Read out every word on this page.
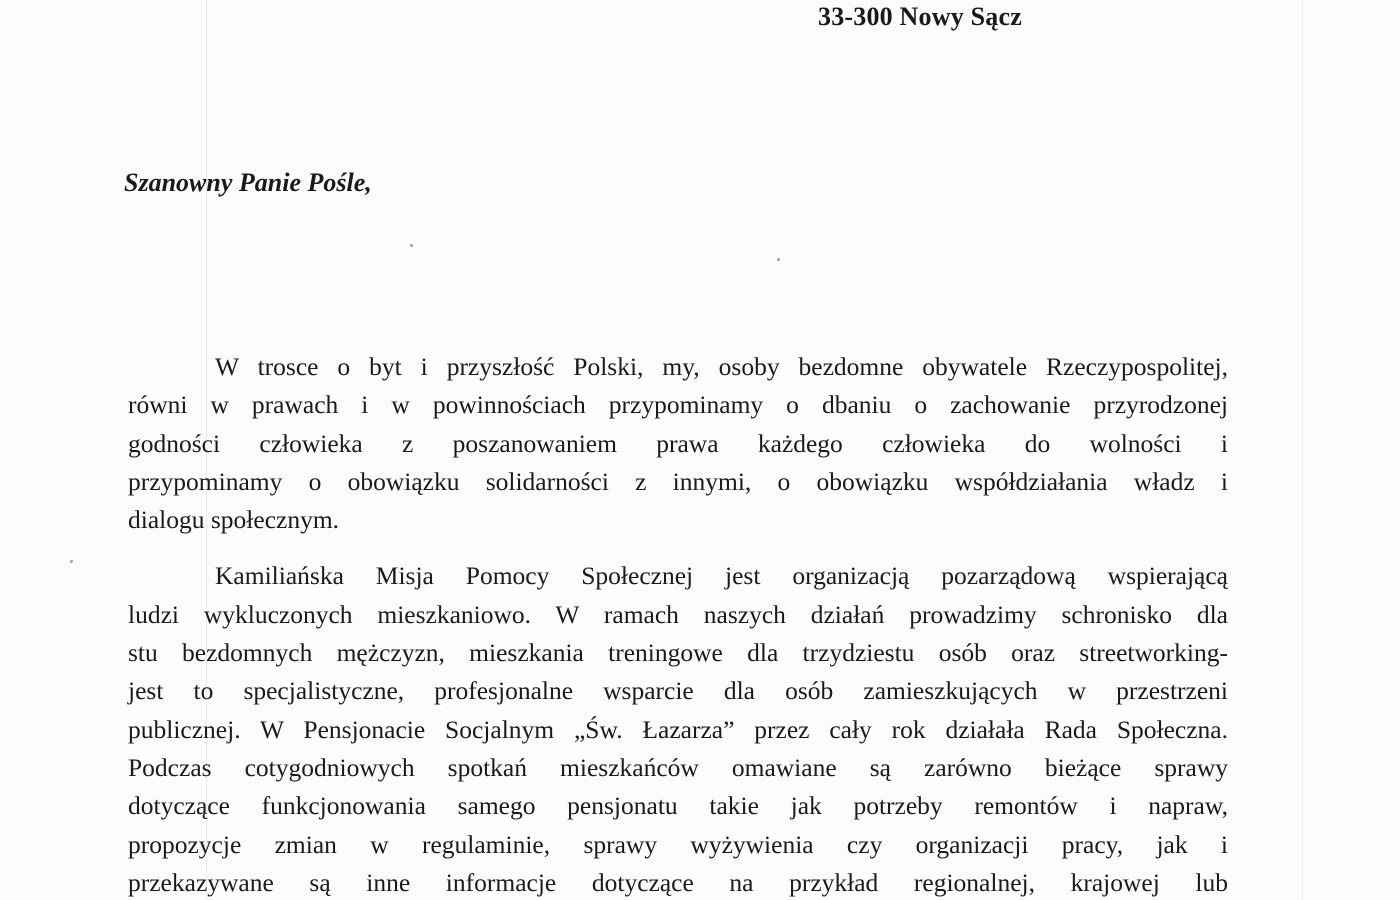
33-300 Nowy Sącz
Szanowny Panie Pośle,
W trosce o byt i przyszłość Polski, my, osoby bezdomne obywatele Rzeczypospolitej,
równi w prawach i w powinnościach przypominamy o dbaniu o zachowanie przyrodzonej
godności człowieka z poszanowaniem prawa każdego człowieka do wolności i
przypominamy o obowiązku solidarności z innymi, o obowiązku współdziałania władz i
dialogu społecznym.
Kamiliańska Misja Pomocy Społecznej jest organizacją pozarządową wspierającą
ludzi wykluczonych mieszkaniowo. W ramach naszych działań prowadzimy schronisko dla
stu bezdomnych mężczyzn, mieszkania treningowe dla trzydziestu osób oraz streetworking-
jest to specjalistyczne, profesjonalne wsparcie dla osób zamieszkujących w przestrzeni
publicznej. W Pensjonacie Socjalnym „Św. Łazarza” przez cały rok działała Rada Społeczna.
Podczas cotygodniowych spotkań mieszkańców omawiane są zarówno bieżące sprawy
dotyczące funkcjonowania samego pensjonatu takie jak potrzeby remontów i napraw,
propozycje zmian w regulaminie, sprawy wyżywienia czy organizacji pracy, jak i
przekazywane są inne informacje dotyczące na przykład regionalnej, krajowej lub
